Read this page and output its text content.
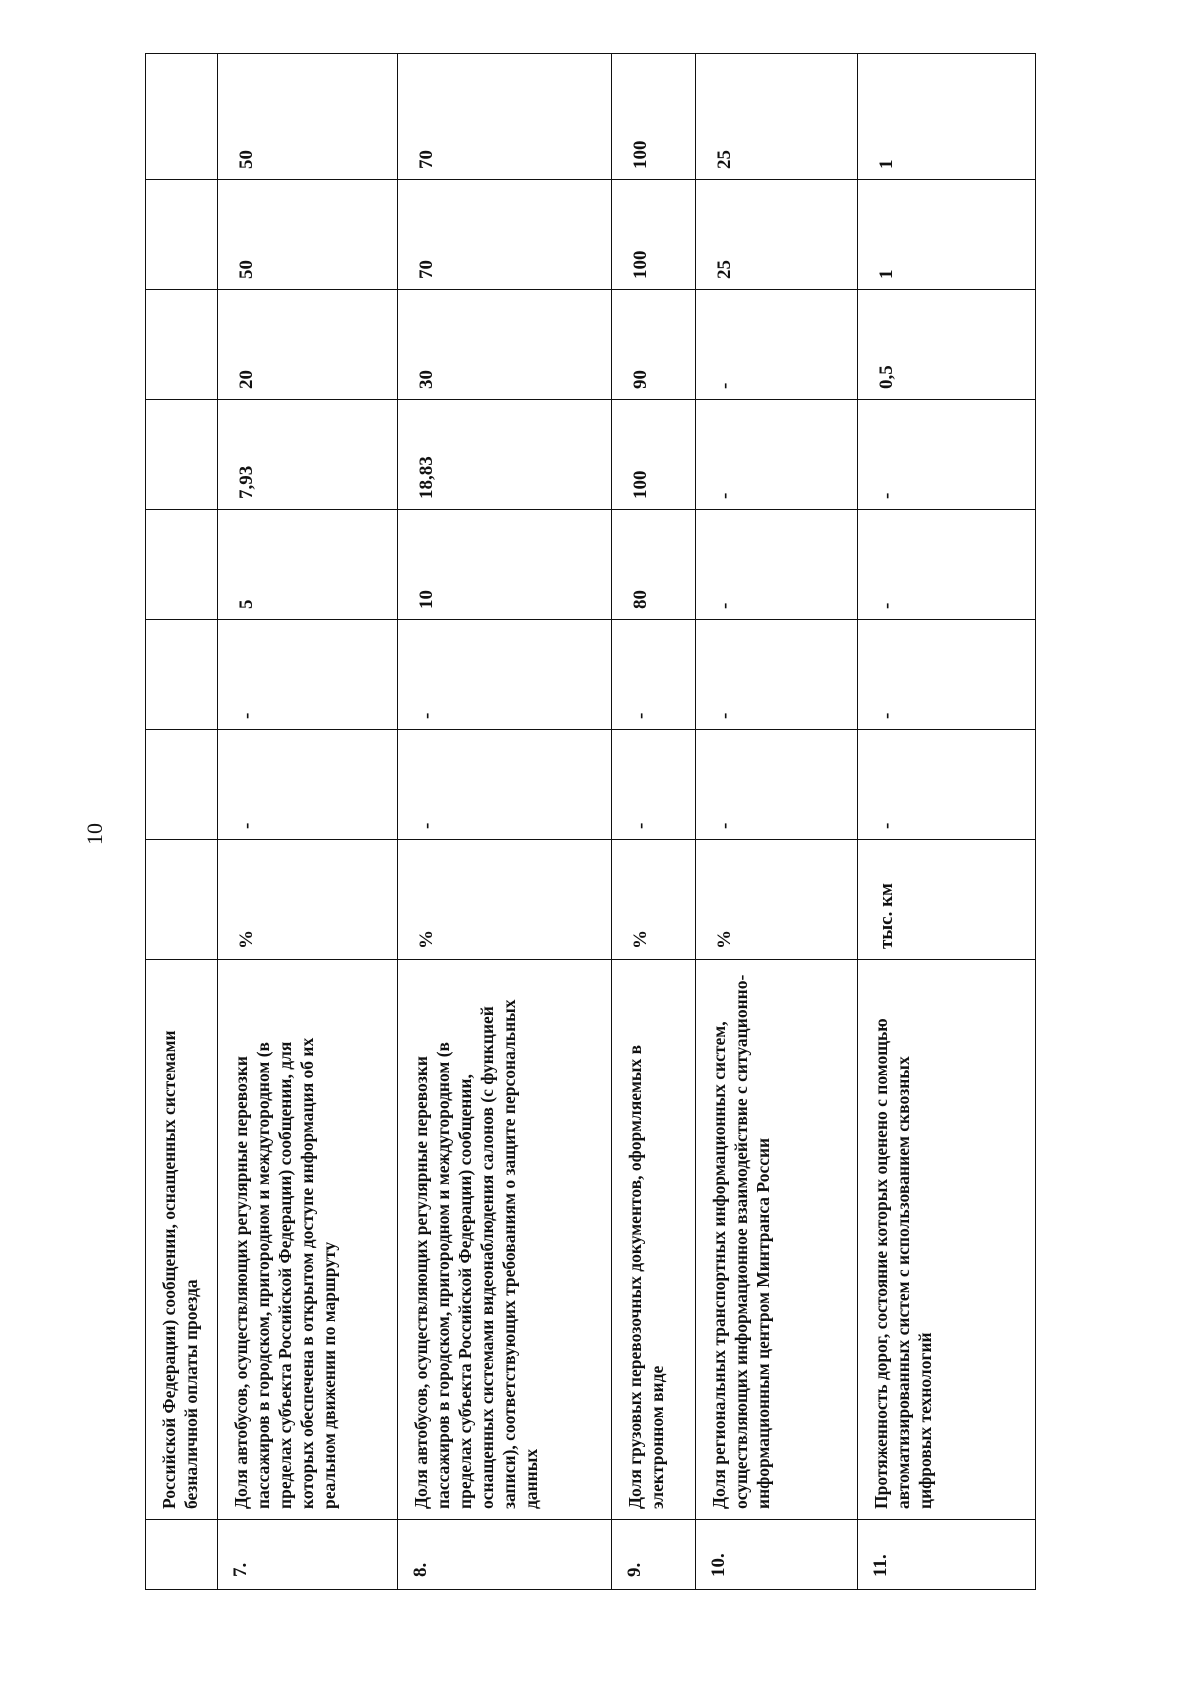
10
	Российской Федерации) сообщении, оснащенных системами безналичной оплаты проезда								
7.	Доля автобусов, осуществляющих регулярные перевозки пассажиров в городском, пригородном и междугородном (в пределах субъекта Российской Федерации) сообщении, для которых обеспечена в открытом доступе информация об их реальном движении по маршруту	%	-	-	5	7,93	20	50	50
8.	Доля автобусов, осуществляющих регулярные перевозки пассажиров в городском, пригородном и междугородном (в пределах субъекта Российской Федерации) сообщении, оснащенных системами видеонаблюдения салонов (с функцией записи), соответствующих требованиям о защите персональных данных	%	-	-	10	18,83	30	70	70
9.	Доля грузовых перевозочных документов, оформляемых в электронном виде	%	-	-	80	100	90	100	100
10.	Доля региональных транспортных информационных систем, осуществляющих информационное взаимодействие с ситуационно-информационным центром Минтранса России	%	-	-	-	-	-	25	25
11.	Протяженность дорог, состояние которых оценено с помощью автоматизированных систем с использованием сквозных цифровых технологий	тыс. км	-	-	-	-	0,5	1	1
